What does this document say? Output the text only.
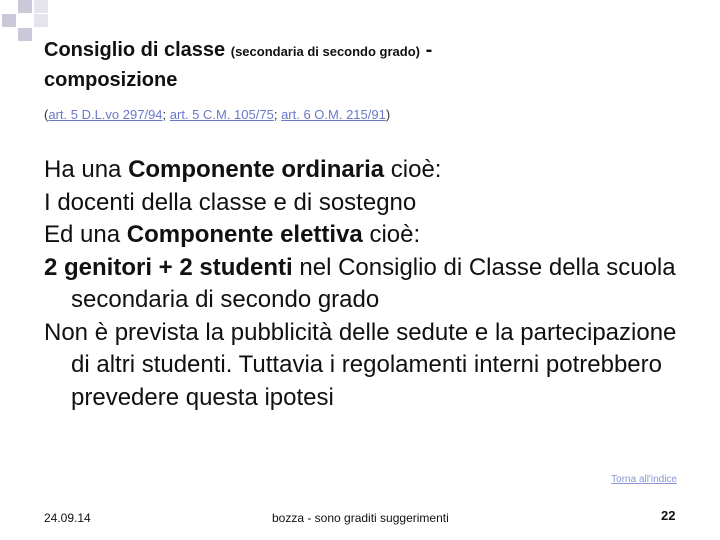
Consiglio di classe (secondaria di secondo grado) -
composizione
(art. 5 D.L.vo 297/94; art. 5 C.M. 105/75; art. 6 O.M. 215/91)
Ha una Componente ordinaria cioè:
I docenti della classe e di sostegno
Ed una Componente elettiva cioè:
2 genitori + 2 studenti nel Consiglio di Classe della scuola secondaria di secondo grado
Non è prevista la pubblicità delle sedute e la partecipazione di altri studenti. Tuttavia i regolamenti interni potrebbero prevedere questa ipotesi
Torna all'indice
24.09.14	bozza - sono graditi suggerimenti	22
